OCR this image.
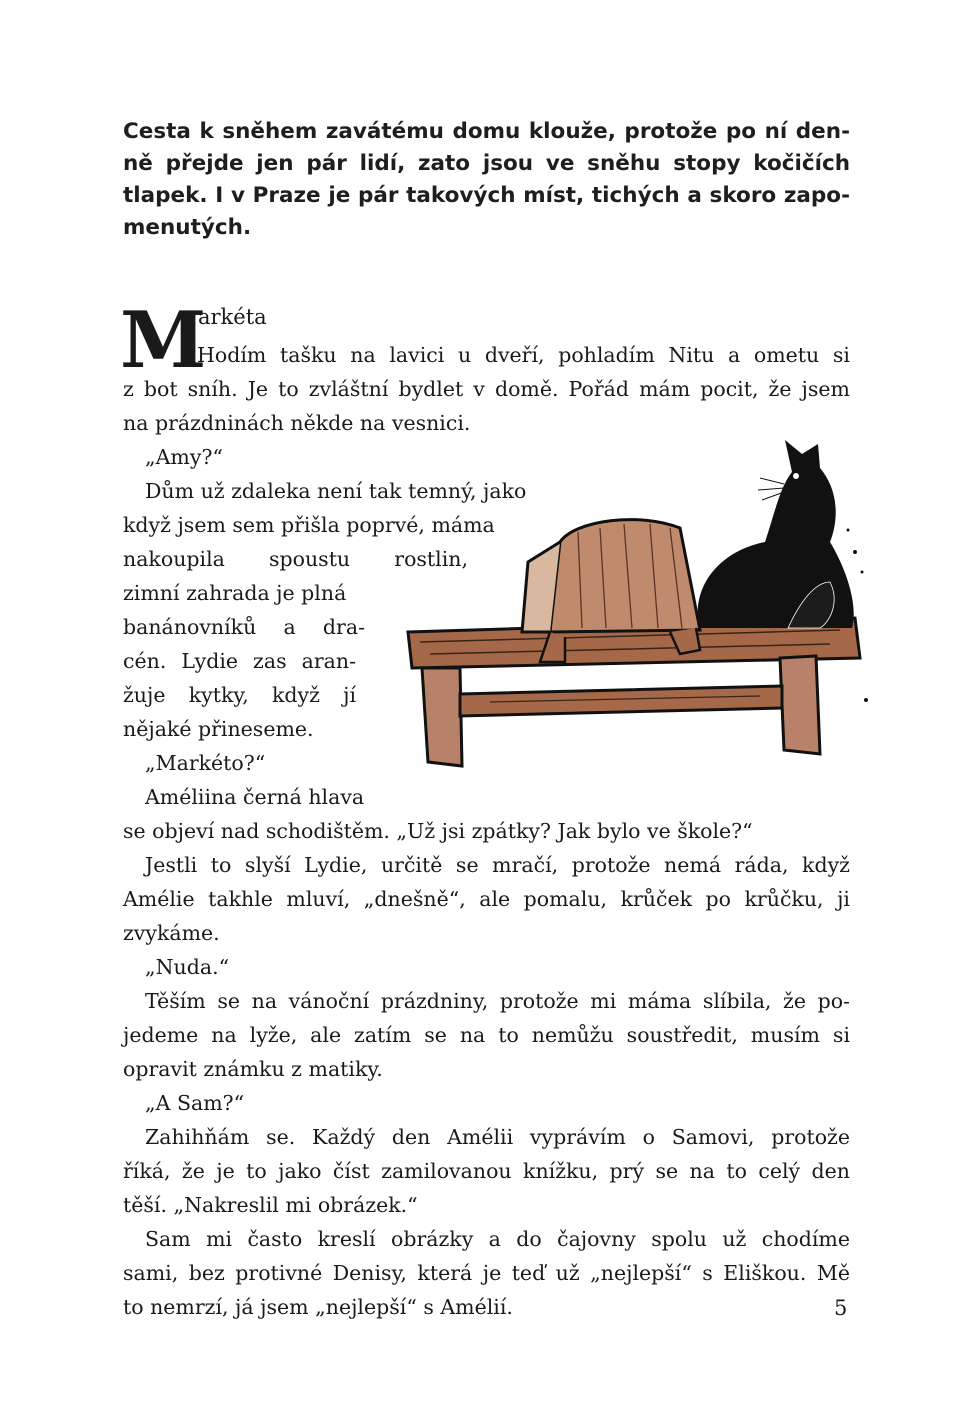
Cesta k sněhem zavátému domu klouže, protože po ní den-
ně přejde jen pár lidí, zato jsou ve sněhu stopy kočičích
tlapek. I v Praze je pár takových míst, tichých a skoro zapo-
menutých.
M
arkéta
Hodím tašku na lavici u dveří, pohladím Nitu a ometu si
z bot sníh. Je to zvláštní bydlet v domě. Pořád mám pocit, že jsem
na prázdninách někde na vesnici.
„Amy?“
Dům už zdaleka není tak temný, jako
když jsem sem přišla poprvé, máma
nakoupila spoustu rostlin,
zimní zahrada je plná
banánovníků a dra-
cén. Lydie zas aran-
žuje kytky, když jí
nějaké přineseme.
„Markéto?“
Améliina černá hlava
se objeví nad schodištěm. „Už jsi zpátky? Jak bylo ve škole?“
Jestli to slyší Lydie, určitě se mračí, protože nemá ráda, když
Amélie takhle mluví, „dnešně“, ale pomalu, krůček po krůčku, ji
zvykáme.
„Nuda.“
Těším se na vánoční prázdniny, protože mi máma slíbila, že po-
jedeme na lyže, ale zatím se na to nemůžu soustředit, musím si
opravit známku z matiky.
„A Sam?“
Zahihňám se. Každý den Amélii vyprávím o Samovi, protože
říká, že je to jako číst zamilovanou knížku, prý se na to celý den
těší. „Nakreslil mi obrázek.“
Sam mi často kreslí obrázky a do čajovny spolu už chodíme
sami, bez protivné Denisy, která je teď už „nejlepší“ s Eliškou. Mě
to nemrzí, já jsem „nejlepší“ s Amélií.	5
